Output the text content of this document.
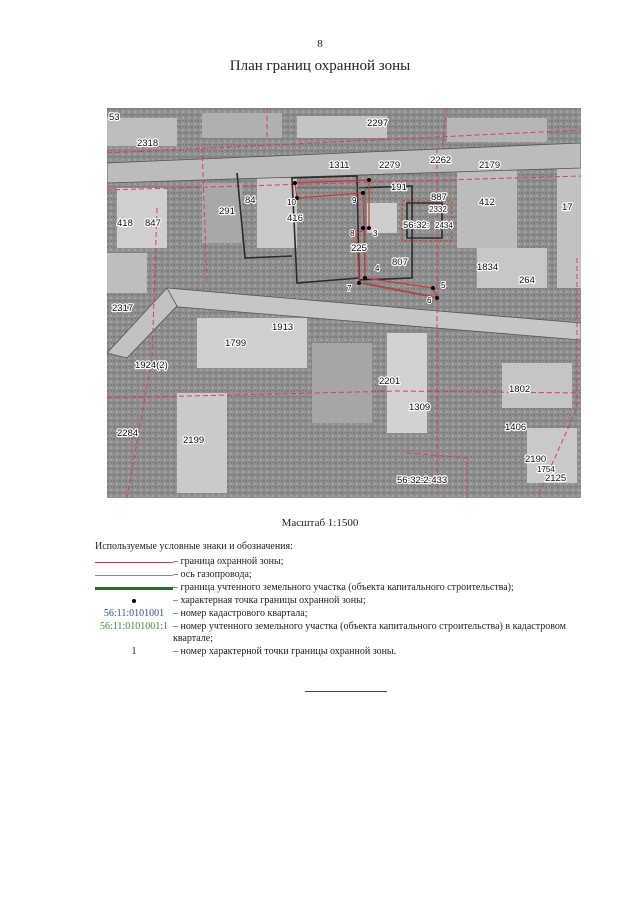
8
План границ охранной зоны
53
2318
2297
1311	2279	2262	2179
191
10	9
291
84
416
418 847
412	17
887
2332
56:32: 2434
8
225
3
807
4	1834
264
2317
7	5
6
1913
1799
1924(2)
2201
1802
1309
1406
2284
2199
2190
1754
2125
56:32:2:433
Масштаб 1:1500
Используемые условные знаки и обозначения:
– граница охранной зоны;
– ось газопровода;
– граница учтенного земельного участка (объекта капитального строительства);
– характерная точка границы охранной зоны;
56:11:0101001 – номер кадастрового квартала;
56:11:0101001:1 – номер учтенного земельного участка (объекта капитального строительства) в кадастровом квартале;
1	– номер характерной точки границы охранной зоны.
